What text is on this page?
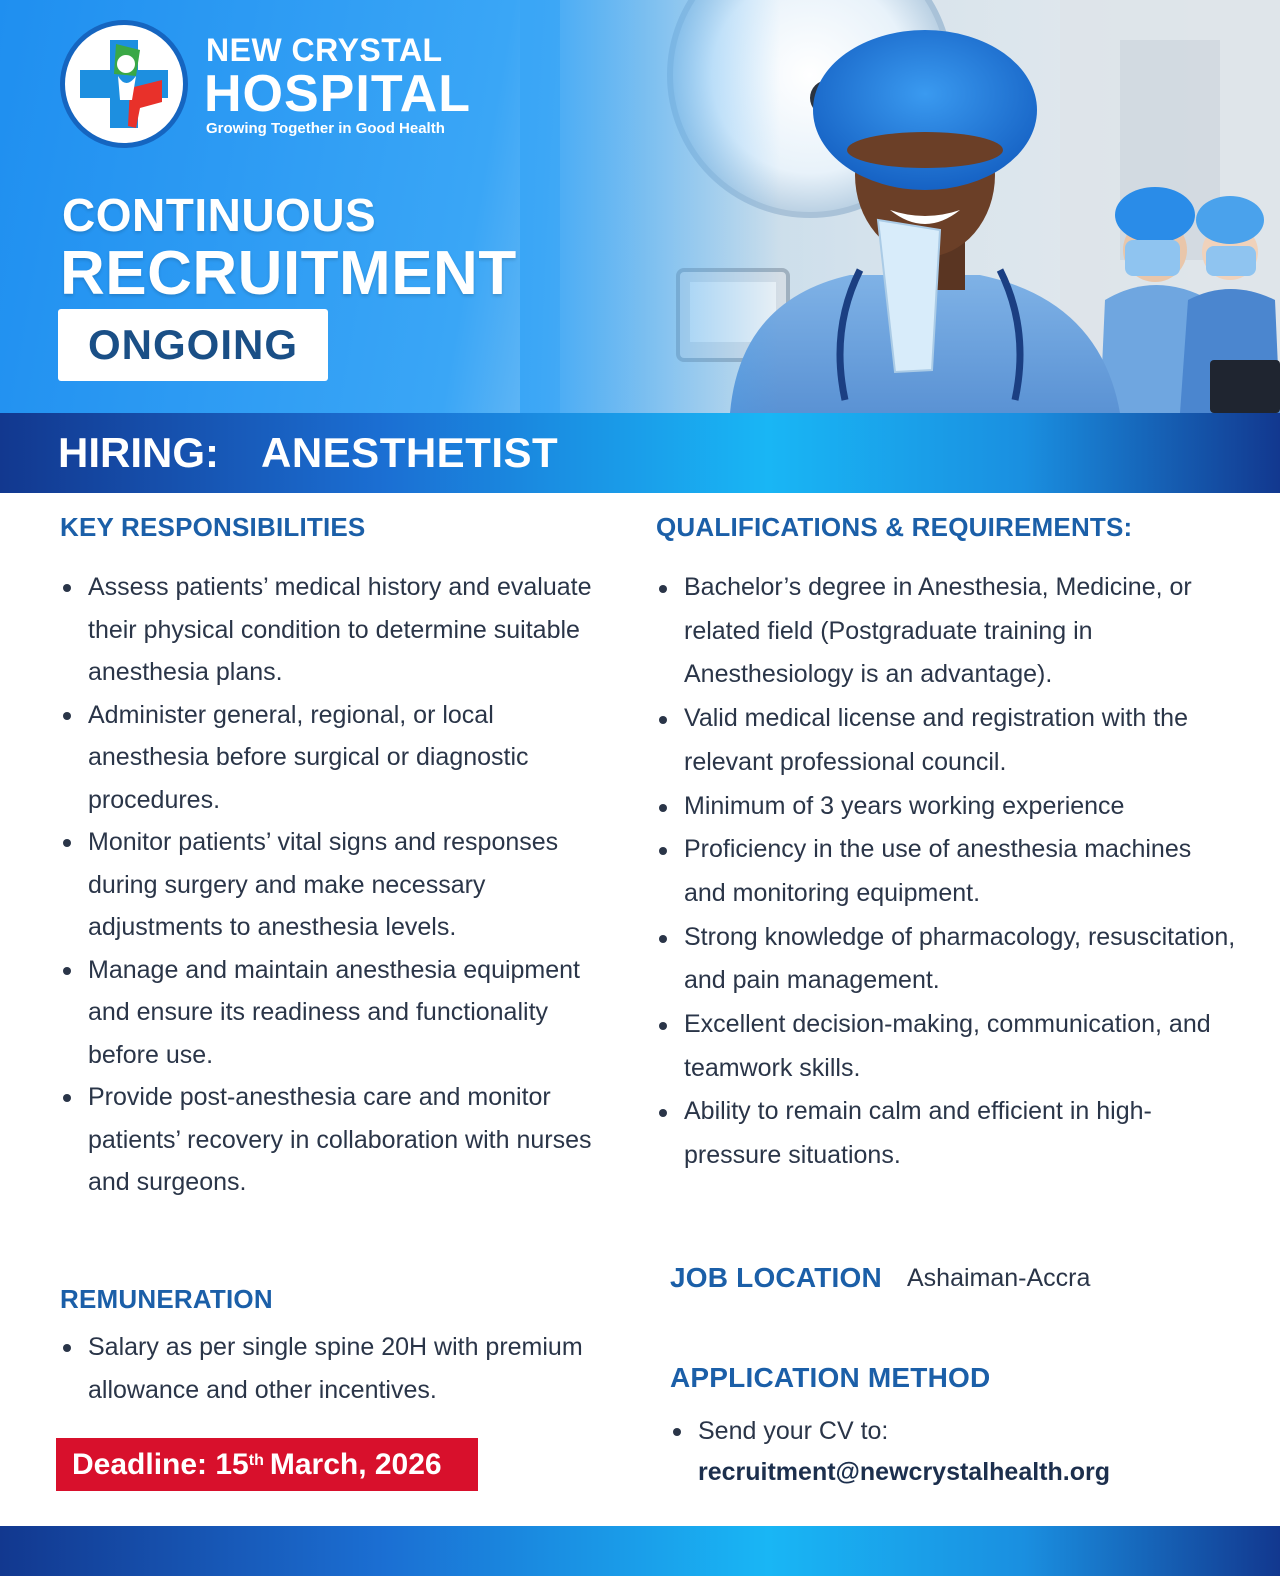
NEW CRYSTAL
HOSPITAL
Growing Together in Good Health
CONTINUOUS
RECRUITMENT
ONGOING
HIRING: ANESTHETIST
KEY RESPONSIBILITIES
Assess patients’ medical history and evaluate their physical condition to determine suitable anesthesia plans.
Administer general, regional, or local anesthesia before surgical or diagnostic procedures.
Monitor patients’ vital signs and responses during surgery and make necessary adjustments to anesthesia levels.
Manage and maintain anesthesia equipment and ensure its readiness and functionality before use.
Provide post-anesthesia care and monitor patients’ recovery in collaboration with nurses and surgeons.
REMUNERATION
Salary as per single spine 20H with premium allowance and other incentives.
Deadline: 15th March, 2026
QUALIFICATIONS & REQUIREMENTS:
Bachelor’s degree in Anesthesia, Medicine, or related field (Postgraduate training in Anesthesiology is an advantage).
Valid medical license and registration with the relevant professional council.
Minimum of 3 years working experience
Proficiency in the use of anesthesia machines and monitoring equipment.
Strong knowledge of pharmacology, resuscitation, and pain management.
Excellent decision-making, communication, and teamwork skills.
Ability to remain calm and efficient in high-pressure situations.
JOB LOCATION Ashaiman-Accra
APPLICATION METHOD
Send your CV to:
recruitment@newcrystalhealth.org
